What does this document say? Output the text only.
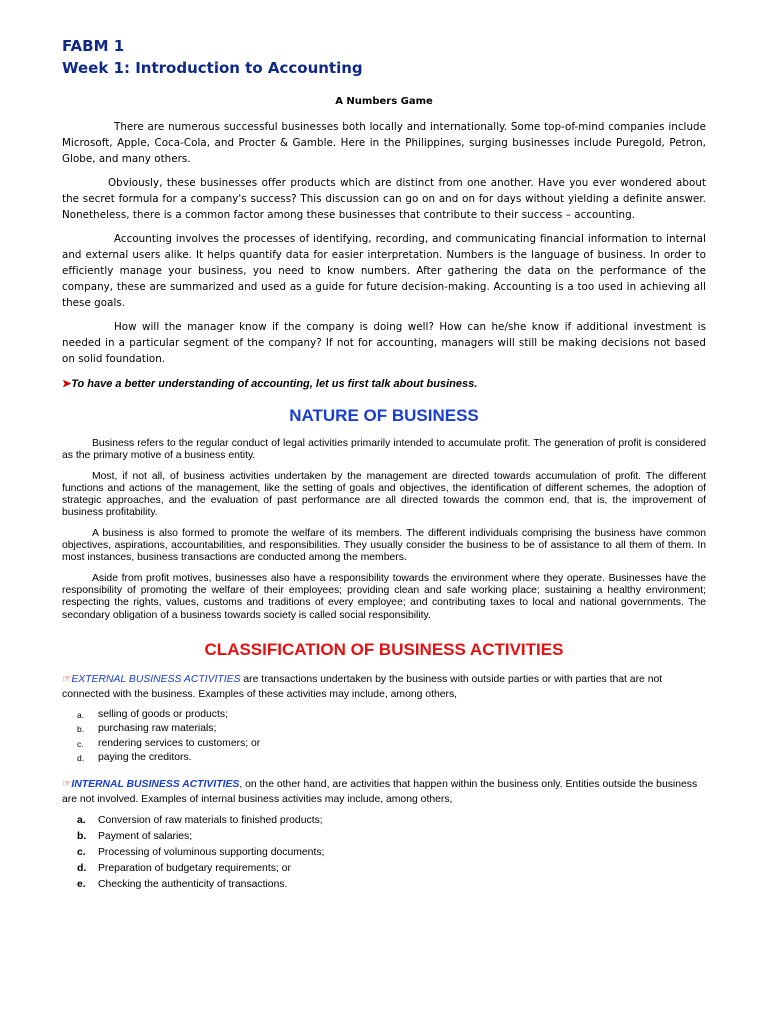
FABM 1
Week 1: Introduction to Accounting
A Numbers Game

There are numerous successful businesses both locally and internationally. Some top-of-mind companies include Microsoft, Apple, Coca-Cola, and Procter & Gamble. Here in the Philippines, surging businesses include Puregold, Petron, Globe, and many others.

Obviously, these businesses offer products which are distinct from one another. Have you ever wondered about the secret formula for a company's success? This discussion can go on and on for days without yielding a definite answer. Nonetheless, there is a common factor among these businesses that contribute to their success – accounting.

Accounting involves the processes of identifying, recording, and communicating financial information to internal and external users alike. It helps quantify data for easier interpretation. Numbers is the language of business. In order to efficiently manage your business, you need to know numbers. After gathering the data on the performance of the company, these are summarized and used as a guide for future decision-making. Accounting is a too used in achieving all these goals.

How will the manager know if the company is doing well? How can he/she know if additional investment is needed in a particular segment of the company? If not for accounting, managers will still be making decisions not based on solid foundation.

➤To have a better understanding of accounting, let us first talk about business.
NATURE OF BUSINESS

Business refers to the regular conduct of legal activities primarily intended to accumulate profit. The generation of profit is considered as the primary motive of a business entity.

Most, if not all, of business activities undertaken by the management are directed towards accumulation of profit. The different functions and actions of the management, like the setting of goals and objectives, the identification of different schemes, the adoption of strategic approaches, and the evaluation of past performance are all directed towards the common end, that is, the improvement of business profitability.

A business is also formed to promote the welfare of its members. The different individuals comprising the business have common objectives, aspirations, accountabilities, and responsibilities. They usually consider the business to be of assistance to all them of them. In most instances, business transactions are conducted among the members.

Aside from profit motives, businesses also have a responsibility towards the environment where they operate. Businesses have the responsibility of promoting the welfare of their employees; providing clean and safe working place; sustaining a healthy environment; respecting the rights, values, customs and traditions of every employee; and contributing taxes to local and national governments. The secondary obligation of a business towards society is called social responsibility.

CLASSIFICATION OF BUSINESS ACTIVITIES

☞EXTERNAL BUSINESS ACTIVITIES are transactions undertaken by the business with outside parties or with parties that are not connected with the business. Examples of these activities may include, among others,

a.	selling of goods or products;
b.	purchasing raw materials;
c.	rendering services to customers; or
d.	paying the creditors.

☞INTERNAL BUSINESS ACTIVITIES, on the other hand, are activities that happen within the business only. Entities outside the business are not involved. Examples of internal business activities may include, among others,

a.	Conversion of raw materials to finished products;
b.	Payment of salaries;
c.	Processing of voluminous supporting documents;
d.	Preparation of budgetary requirements; or
e.	Checking the authenticity of transactions.
